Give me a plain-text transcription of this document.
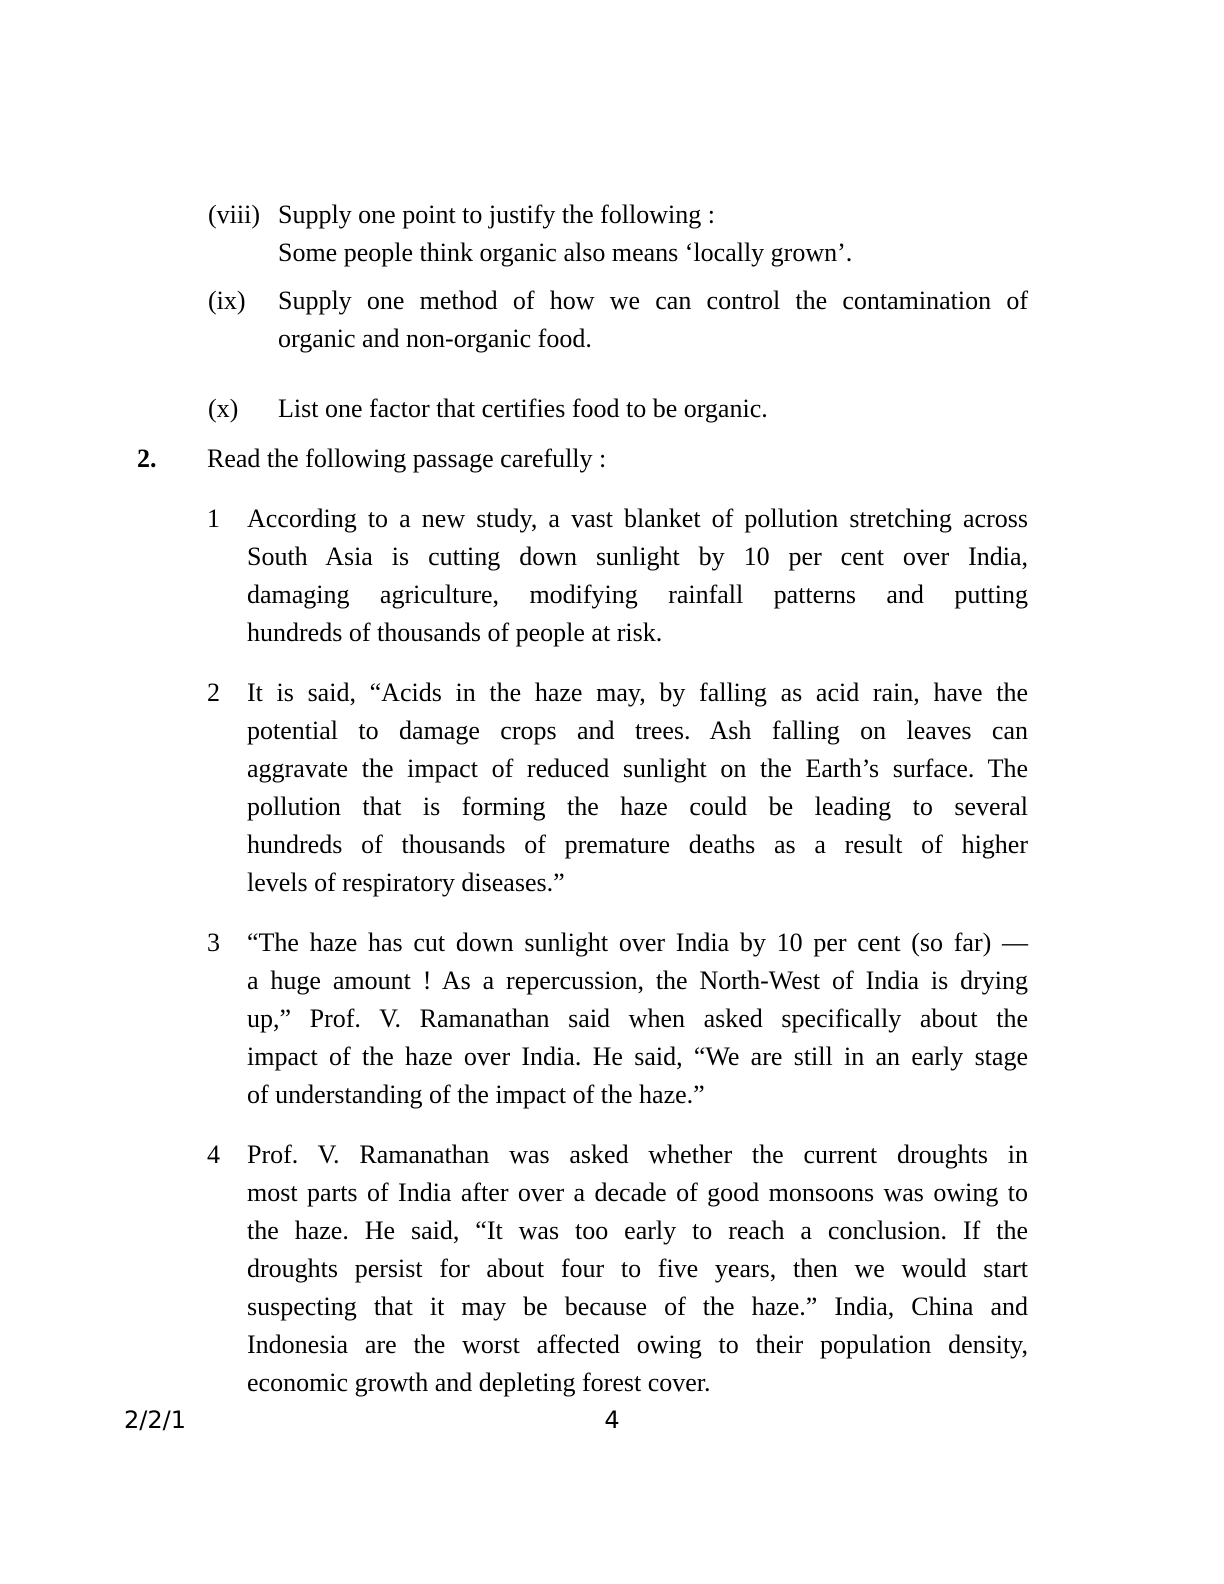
(viii) Supply one point to justify the following :
Some people think organic also means ‘locally grown’.
(ix)	Supply one method of how we can control the contamination of
organic and non-organic food.
(x)	List one factor that certifies food to be organic.
2.	Read the following passage carefully :
1	According to a new study, a vast blanket of pollution stretching across
South Asia is cutting down sunlight by 10 per cent over India,
damaging agriculture, modifying rainfall patterns and putting
hundreds of thousands of people at risk.
2	It is said, “Acids in the haze may, by falling as acid rain, have the
potential to damage crops and trees. Ash falling on leaves can
aggravate the impact of reduced sunlight on the Earth’s surface. The
pollution that is forming the haze could be leading to several
hundreds of thousands of premature deaths as a result of higher
levels of respiratory diseases.”
3	“The haze has cut down sunlight over India by 10 per cent (so far) —
a huge amount ! As a repercussion, the North-West of India is drying
up,” Prof. V. Ramanathan said when asked specifically about the
impact of the haze over India. He said, “We are still in an early stage
of understanding of the impact of the haze.”
4	Prof. V. Ramanathan was asked whether the current droughts in
most parts of India after over a decade of good monsoons was owing to
the haze. He said, “It was too early to reach a conclusion. If the
droughts persist for about four to five years, then we would start
suspecting that it may be because of the haze.” India, China and
Indonesia are the worst affected owing to their population density,
economic growth and depleting forest cover.
2/2/1	4
